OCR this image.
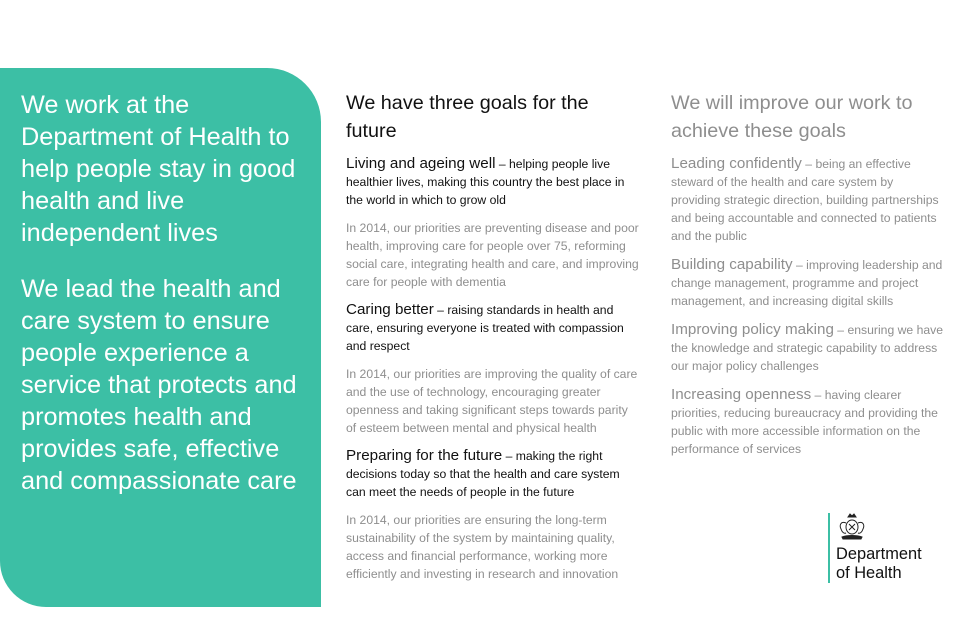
We work at the Department of Health to help people stay in good health and live independent lives

We lead the health and care system to ensure people experience a service that protects and promotes health and provides safe, effective and compassionate care

We have three goals for the future

Living and ageing well – helping people live healthier lives, making this country the best place in the world in which to grow old

In 2014, our priorities are preventing disease and poor health, improving care for people over 75, reforming social care, integrating health and care, and improving care for people with dementia

Caring better – raising standards in health and care, ensuring everyone is treated with compassion and respect

In 2014, our priorities are improving the quality of care and the use of technology, encouraging greater openness and taking significant steps towards parity of esteem between mental and physical health

Preparing for the future – making the right decisions today so that the health and care system can meet the needs of people in the future

In 2014, our priorities are ensuring the long-term sustainability of the system by maintaining quality, access and financial performance, working more efficiently and investing in research and innovation

We will improve our work to achieve these goals

Leading confidently – being an effective steward of the health and care system by providing strategic direction, building partnerships and being accountable and connected to patients and the public

Building capability – improving leadership and change management, programme and project management, and increasing digital skills

Improving policy making – ensuring we have the knowledge and strategic capability to address our major policy challenges

Increasing openness – having clearer priorities, reducing bureaucracy and providing the public with more accessible information on the performance of services

Department
of Health
